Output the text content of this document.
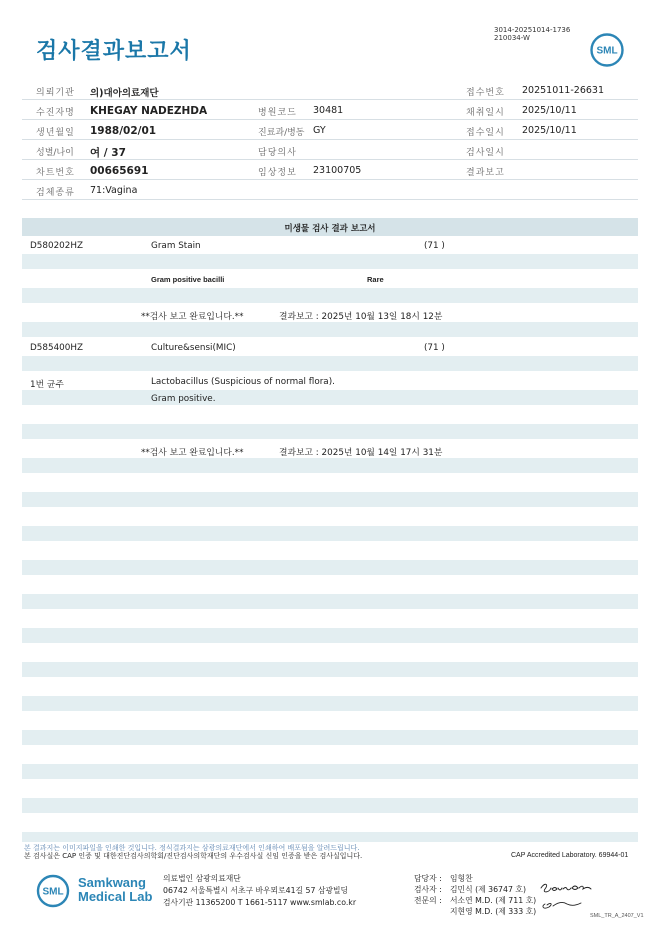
검사결과보고서
3014-20251014-1736
210034-W
SML
의뢰기관 의)대아의료재단	접수번호 20251011-26631
수진자명 KHEGAY NADEZHDA	병원코드 30481	채취일시 2025/10/11
생년월일 1988/02/01	진료과/병동 GY	접수일시 2025/10/11
성별/나이 여 / 37	담당의사	검사일시
차트번호 00665691	임상정보 23100705	결과보고
검체종류 71:Vagina
미생물 검사 결과 보고서
D580202HZ	Gram Stain	(71 )
Gram positive bacilli	Rare
**검사 보고 완료입니다.**	결과보고 : 2025년 10월 13일 18시 12분
D585400HZ	Culture&sensi(MIC)	(71 )
1번 균주	Lactobacillus (Suspicious of normal flora).
Gram positive.
**검사 보고 완료입니다.**	결과보고 : 2025년 10월 14일 17시 31분
본 결과지는 이미지파일을 인쇄한 것입니다. 정식결과지는 삼광의료재단에서 인쇄하여 배포됨을 알려드립니다.
본 검사실은 CAP 인증 및 대한진단검사의학회/진단검사의학재단의 우수검사실 신임 인증을 받은 검사실입니다.	CAP Accredited Laboratory. 69944-01
SML
Samkwang
Medical Lab
의료법인 삼광의료재단
06742 서울특별시 서초구 바우뫼로41길 57 삼광빌딩
검사기관 11365200 T 1661-5117 www.smlab.co.kr
담당자 : 임형찬
검사자 : 김민식 (제 36747 호)
전문의 : 서소연 M.D. (제 711 호)
지현영 M.D. (제 333 호)	SML_TR_A_2407_V1
